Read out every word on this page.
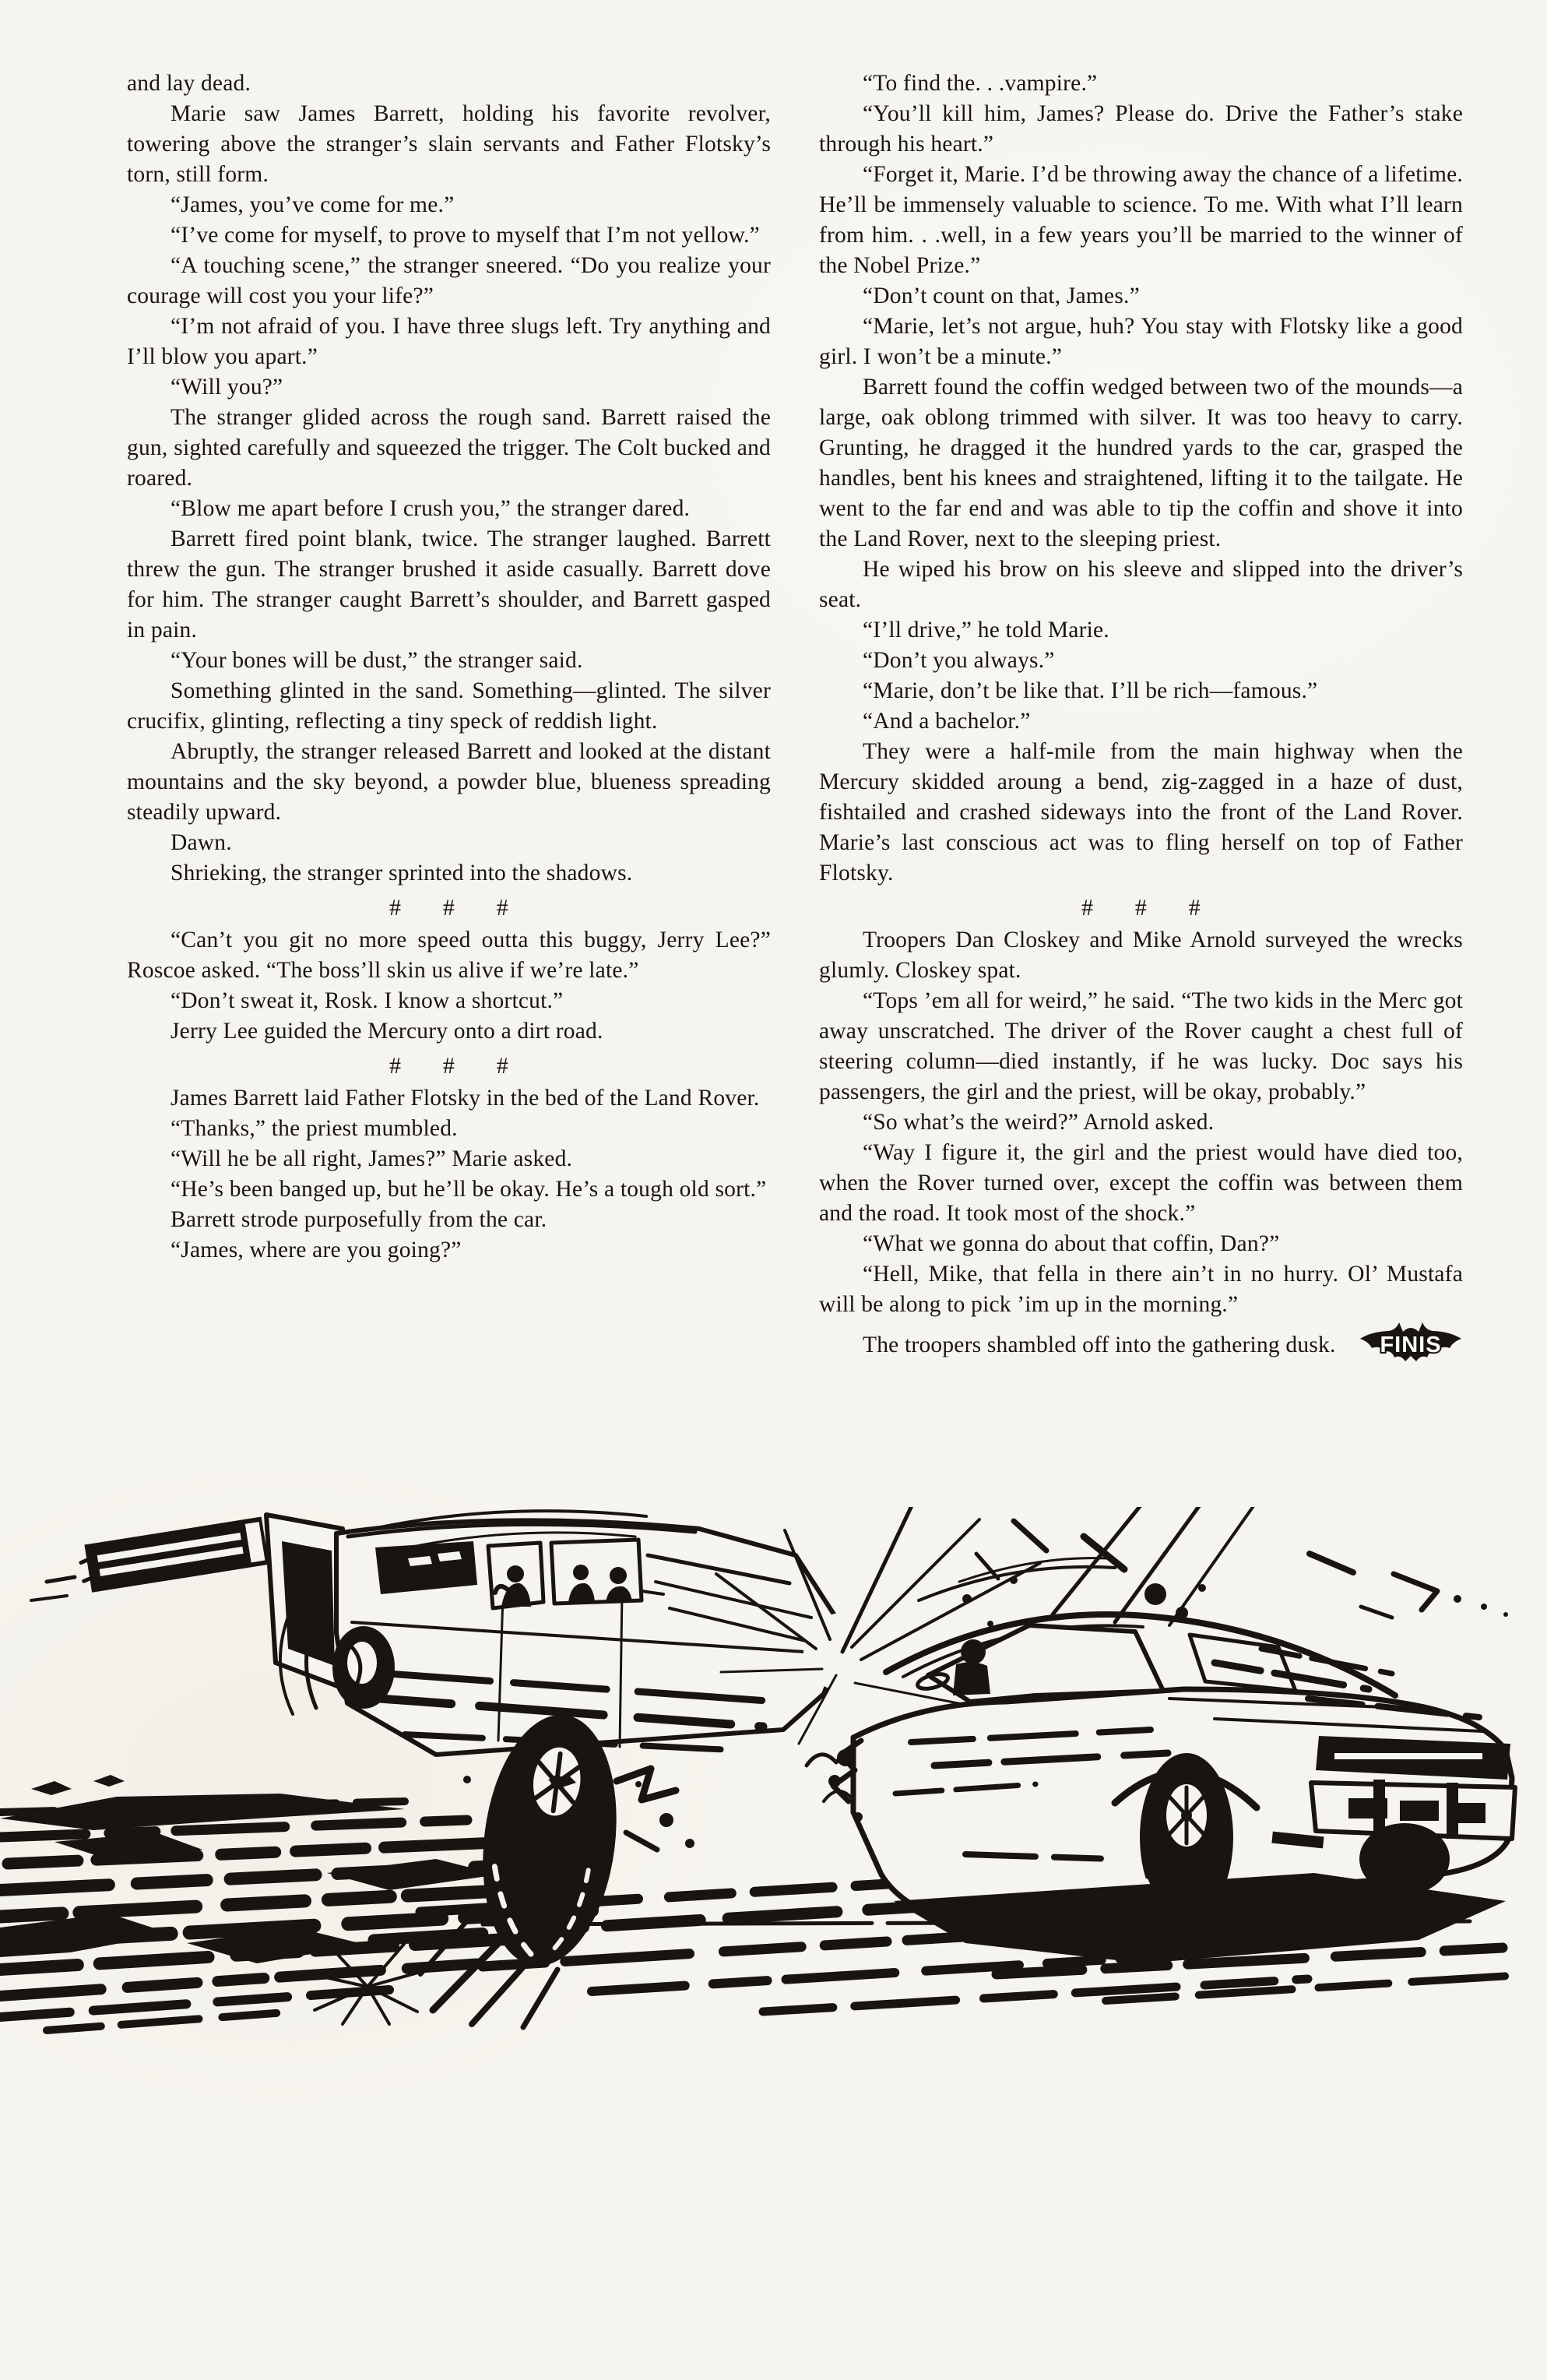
and lay dead.

Marie saw James Barrett, holding his favorite revolver, towering above the stranger’s slain servants and Father Flotsky’s torn, still form.

“James, you’ve come for me.”

“I’ve come for myself, to prove to myself that I’m not yellow.”

“A touching scene,” the stranger sneered. “Do you realize your courage will cost you your life?”

“I’m not afraid of you. I have three slugs left. Try anything and I’ll blow you apart.”

“Will you?”

The stranger glided across the rough sand. Barrett raised the gun, sighted carefully and squeezed the trigger. The Colt bucked and roared.

“Blow me apart before I crush you,” the stranger dared.

Barrett fired point blank, twice. The stranger laughed. Barrett threw the gun. The stranger brushed it aside casually. Barrett dove for him. The stranger caught Barrett’s shoulder, and Barrett gasped in pain.

“Your bones will be dust,” the stranger said.

Something glinted in the sand. Something—glinted. The silver crucifix, glinting, reflecting a tiny speck of reddish light.

Abruptly, the stranger released Barrett and looked at the distant mountains and the sky beyond, a powder blue, blueness spreading steadily upward.

Dawn.

Shrieking, the stranger sprinted into the shadows.

# # #

“Can’t you git no more speed outta this buggy, Jerry Lee?” Roscoe asked. “The boss’ll skin us alive if we’re late.”

“Don’t sweat it, Rosk. I know a shortcut.”

Jerry Lee guided the Mercury onto a dirt road.

# # #

James Barrett laid Father Flotsky in the bed of the Land Rover.

“Thanks,” the priest mumbled.

“Will he be all right, James?” Marie asked.

“He’s been banged up, but he’ll be okay. He’s a tough old sort.”

Barrett strode purposefully from the car.

“James, where are you going?”

“To find the. . .vampire.”

“You’ll kill him, James? Please do. Drive the Father’s stake through his heart.”

“Forget it, Marie. I’d be throwing away the chance of a lifetime. He’ll be immensely valuable to science. To me. With what I’ll learn from him. . .well, in a few years you’ll be married to the winner of the Nobel Prize.”

“Don’t count on that, James.”

“Marie, let’s not argue, huh? You stay with Flotsky like a good girl. I won’t be a minute.”

Barrett found the coffin wedged between two of the mounds—a large, oak oblong trimmed with silver. It was too heavy to carry. Grunting, he dragged it the hundred yards to the car, grasped the handles, bent his knees and straightened, lifting it to the tailgate. He went to the far end and was able to tip the coffin and shove it into the Land Rover, next to the sleeping priest.

He wiped his brow on his sleeve and slipped into the driver’s seat.

“I’ll drive,” he told Marie.

“Don’t you always.”

“Marie, don’t be like that. I’ll be rich—famous.”

“And a bachelor.”

They were a half-mile from the main highway when the Mercury skidded aroung a bend, zig-zagged in a haze of dust, fishtailed and crashed sideways into the front of the Land Rover. Marie’s last conscious act was to fling herself on top of Father Flotsky.

# # #

Troopers Dan Closkey and Mike Arnold surveyed the wrecks glumly. Closkey spat.

“Tops ’em all for weird,” he said. “The two kids in the Merc got away unscratched. The driver of the Rover caught a chest full of steering column—died instantly, if he was lucky. Doc says his passengers, the girl and the priest, will be okay, probably.”

“So what’s the weird?” Arnold asked.

“Way I figure it, the girl and the priest would have died too, when the Rover turned over, except the coffin was between them and the road. It took most of the shock.”

“What we gonna do about that coffin, Dan?”

“Hell, Mike, that fella in there ain’t in no hurry. Ol’ Mustafa will be along to pick ’im up in the morning.”

The troopers shambled off into the gathering dusk. FINIS
